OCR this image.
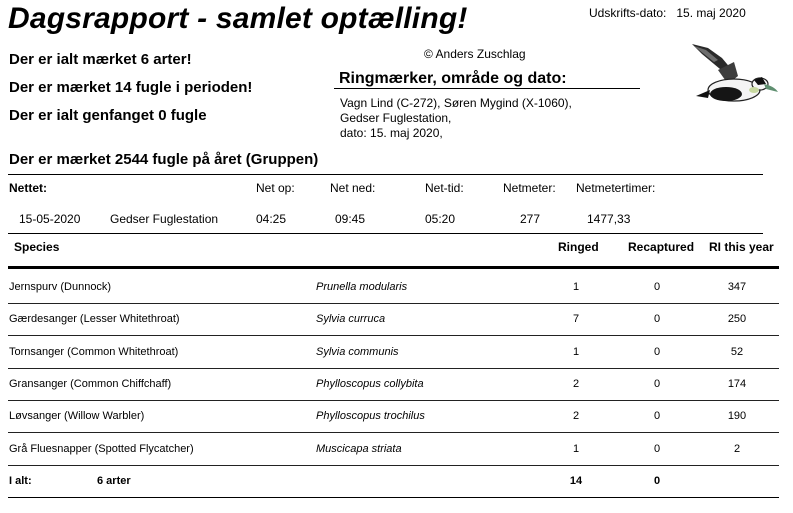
Dagsrapport - samlet optælling!	Udskrifts-dato: 15. maj 2020
© Anders Zuschlag
Der er ialt mærket 6 arter!
Der er mærket 14 fugle i perioden!
Der er ialt genfanget 0 fugle
Ringmærker, område og dato:
Vagn Lind (C-272), Søren Mygind (X-1060),
Gedser Fuglestation,
dato: 15. maj 2020,
Der er mærket 2544 fugle på året (Gruppen)
Nettet:	Net op:	Net ned:	Net-tid:	Netmeter: Netmetertimer:
15-05-2020 Gedser Fuglestation	04:25	09:45	05:20	277	1477,33
Species	Ringed Recaptured RI this year
Jernspurv (Dunnock)	Prunella modularis	1	0	347
Gærdesanger (Lesser Whitethroat)	Sylvia curruca	7	0	250
Tornsanger (Common Whitethroat)	Sylvia communis	1	0	52
Gransanger (Common Chiffchaff)	Phylloscopus collybita	2	0	174
Løvsanger (Willow Warbler)	Phylloscopus trochilus	2	0	190
Grå Fluesnapper (Spotted Flycatcher)	Muscicapa striata	1	0	2
I alt:	6 arter	14	0
